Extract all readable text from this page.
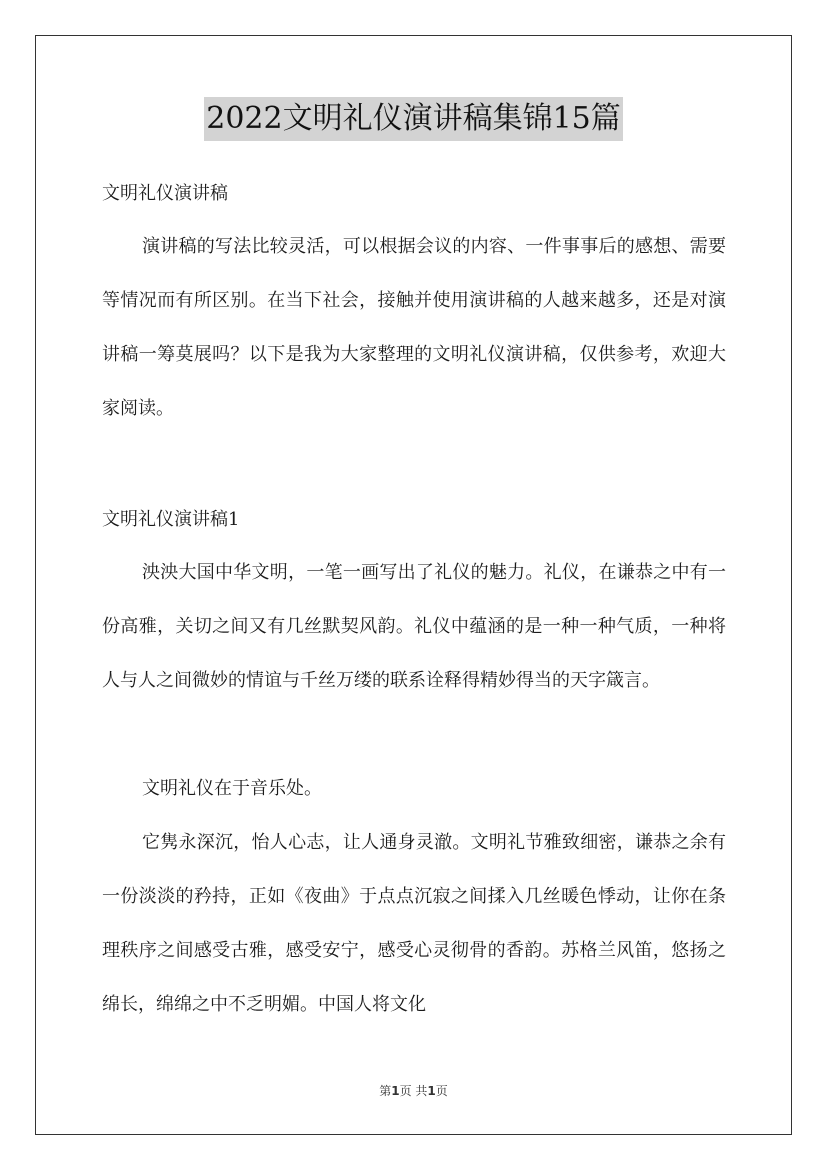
2022文明礼仪演讲稿集锦15篇
文明礼仪演讲稿

演讲稿的写法比较灵活，可以根据会议的内容、一件事事后的感想、需要等情况而有所区别。在当下社会，接触并使用演讲稿的人越来越多，还是对演讲稿一筹莫展吗？以下是我为大家整理的文明礼仪演讲稿，仅供参考，欢迎大家阅读。

文明礼仪演讲稿1

泱泱大国中华文明，一笔一画写出了礼仪的魅力。礼仪，在谦恭之中有一份高雅，关切之间又有几丝默契风韵。礼仪中蕴涵的是一种一种气质，一种将人与人之间微妙的情谊与千丝万缕的联系诠释得精妙得当的天字箴言。

文明礼仪在于音乐处。

它隽永深沉，怡人心志，让人通身灵澈。文明礼节雅致细密，谦恭之余有一份淡淡的矜持，正如《夜曲》于点点沉寂之间揉入几丝暖色悸动，让你在条理秩序之间感受古雅，感受安宁，感受心灵彻骨的香韵。苏格兰风笛，悠扬之绵长，绵绵之中不乏明媚。中国人将文化

第1页 共1页
